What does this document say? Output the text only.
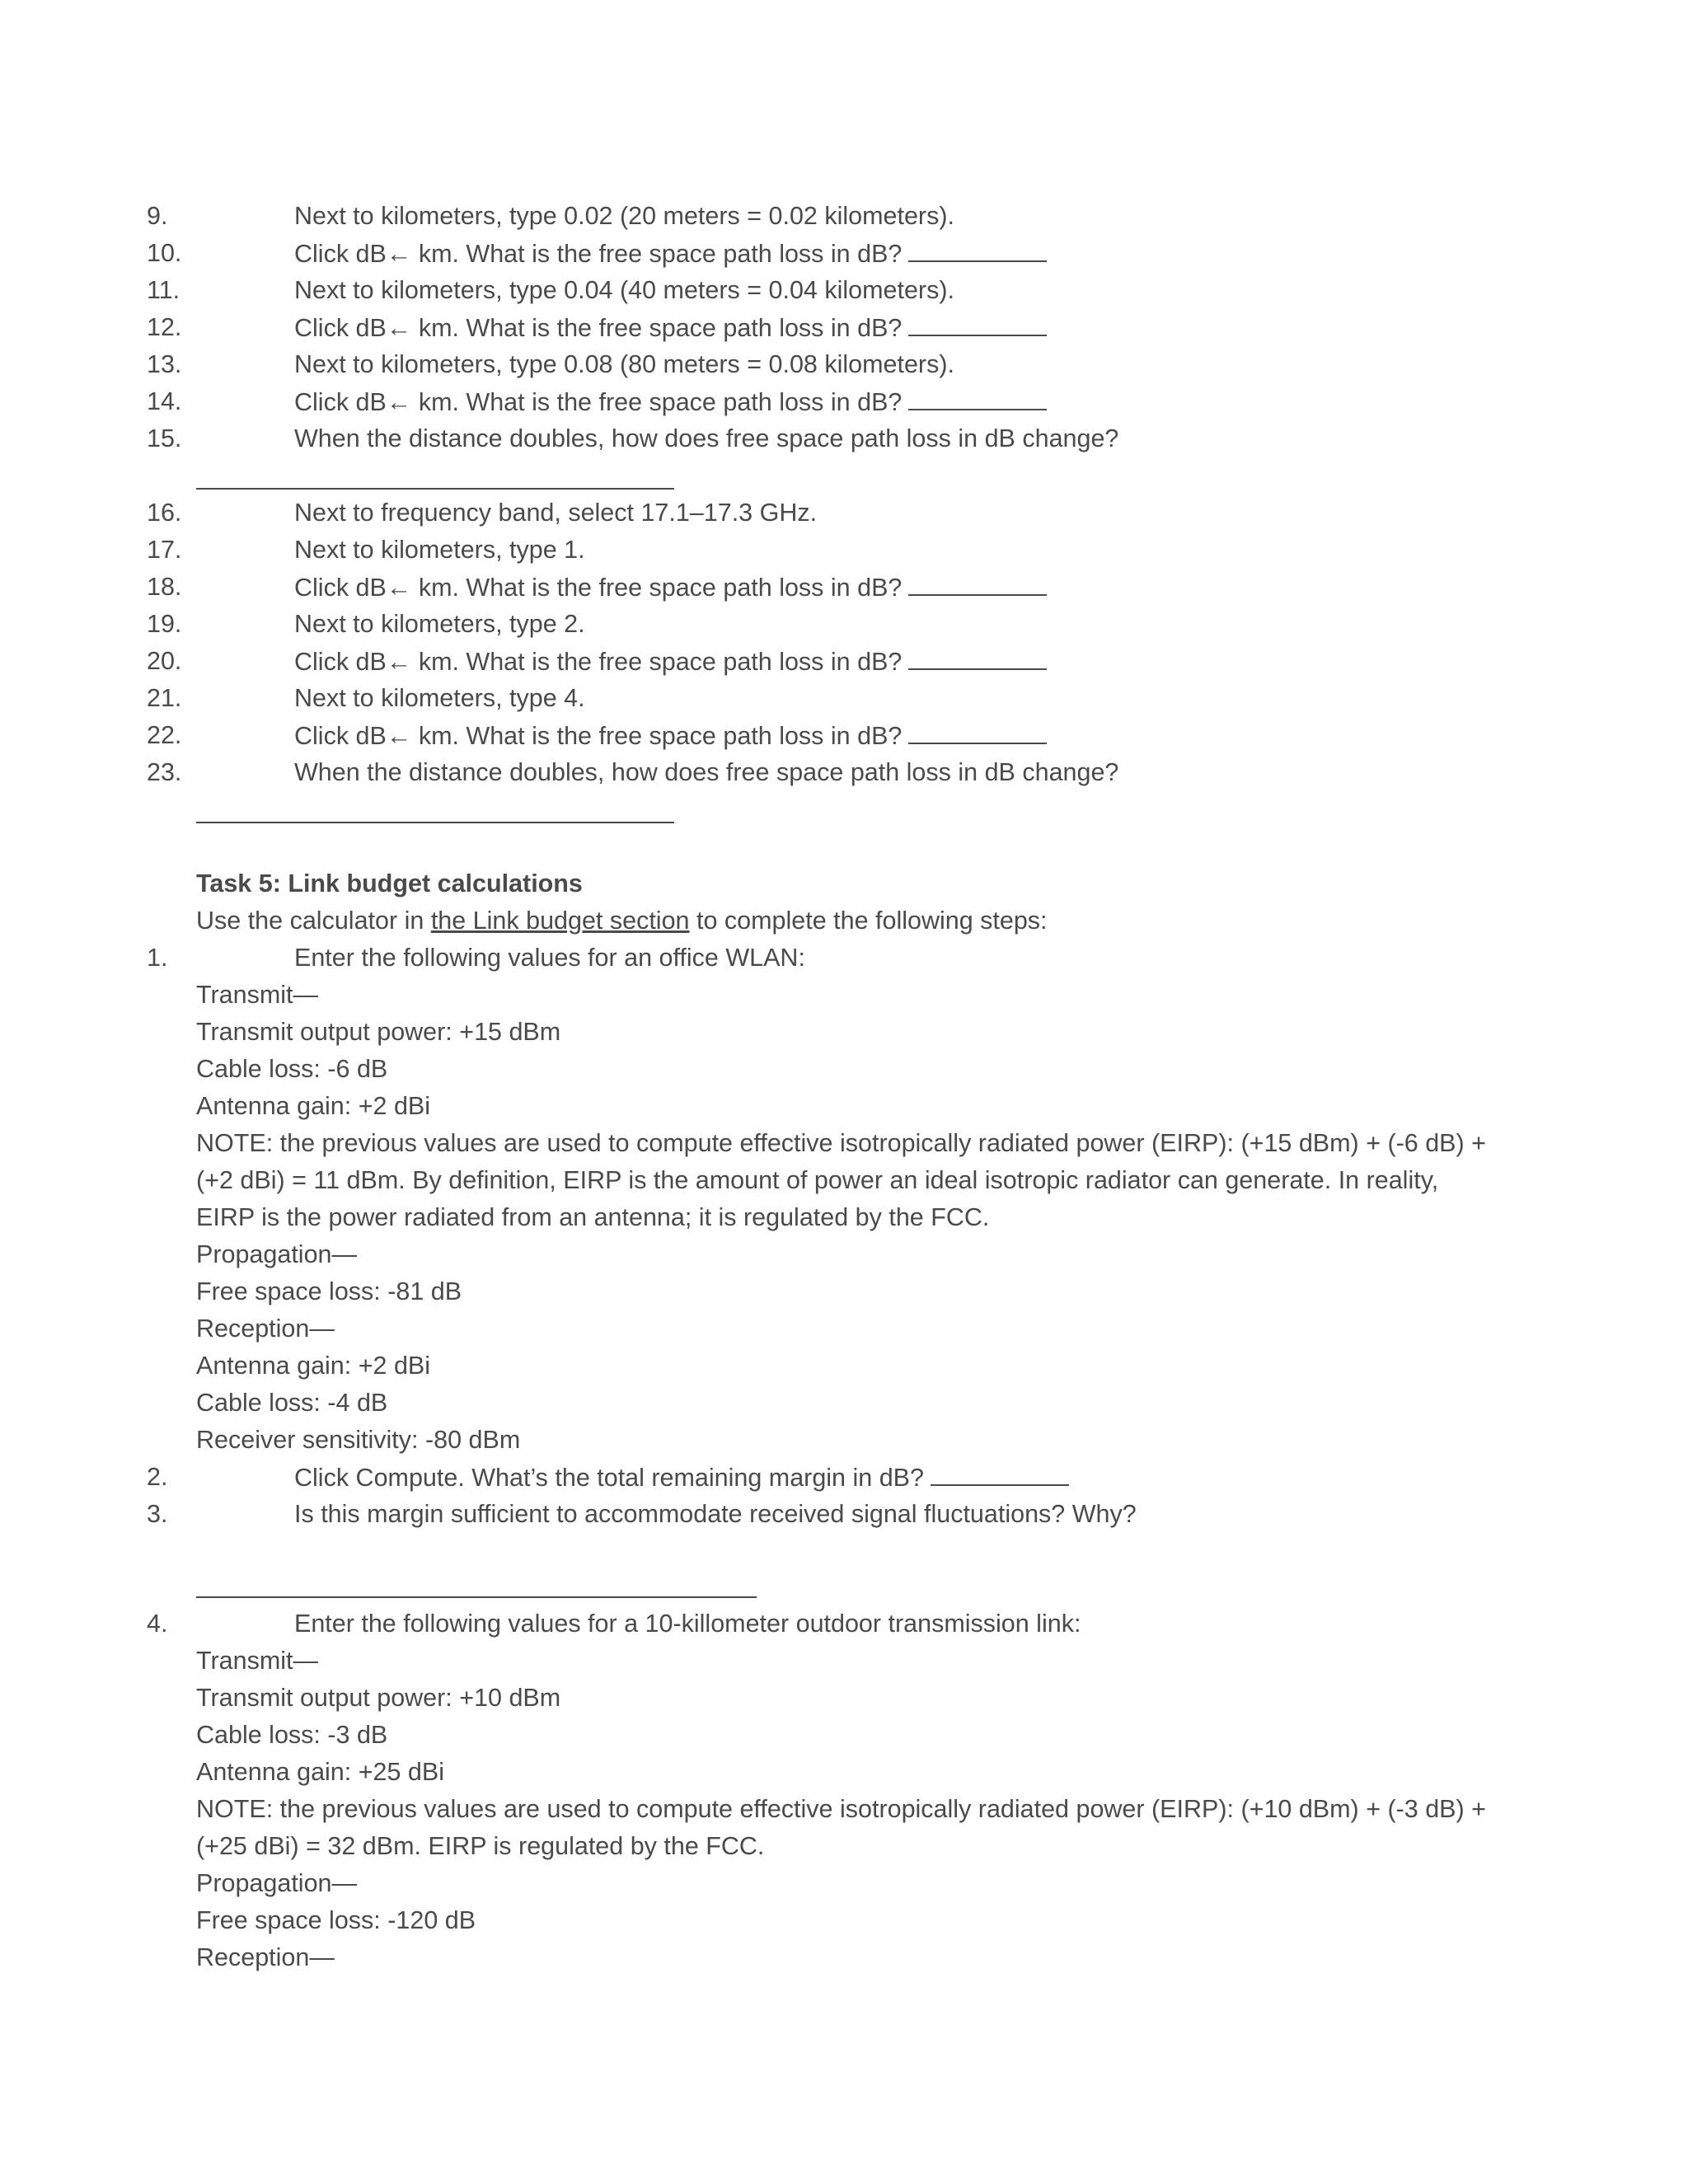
9.	Next to kilometers, type 0.02 (20 meters = 0.02 kilometers).
10.	Click dB← km. What is the free space path loss in dB?
11.	Next to kilometers, type 0.04 (40 meters = 0.04 kilometers).
12.	Click dB← km. What is the free space path loss in dB?
13.	Next to kilometers, type 0.08 (80 meters = 0.08 kilometers).
14.	Click dB← km. What is the free space path loss in dB?
15.	When the distance doubles, how does free space path loss in dB change?
16.	Next to frequency band, select 17.1–17.3 GHz.
17.	Next to kilometers, type 1.
18.	Click dB← km. What is the free space path loss in dB?
19.	Next to kilometers, type 2.
20.	Click dB← km. What is the free space path loss in dB?
21.	Next to kilometers, type 4.
22.	Click dB← km. What is the free space path loss in dB?
23.	When the distance doubles, how does free space path loss in dB change?
Task 5: Link budget calculations
Use the calculator in the Link budget section to complete the following steps:
1.	Enter the following values for an office WLAN:
Transmit—
Transmit output power: +15 dBm
Cable loss: -6 dB
Antenna gain: +2 dBi
NOTE: the previous values are used to compute effective isotropically radiated power (EIRP): (+15 dBm) + (-6 dB) +
(+2 dBi) = 11 dBm. By definition, EIRP is the amount of power an ideal isotropic radiator can generate. In reality,
EIRP is the power radiated from an antenna; it is regulated by the FCC.
Propagation—
Free space loss: -81 dB
Reception—
Antenna gain: +2 dBi
Cable loss: -4 dB
Receiver sensitivity: -80 dBm
2.	Click Compute. What’s the total remaining margin in dB?
3.	Is this margin sufficient to accommodate received signal fluctuations? Why?
4.	Enter the following values for a 10-killometer outdoor transmission link:
Transmit—
Transmit output power: +10 dBm
Cable loss: -3 dB
Antenna gain: +25 dBi
NOTE: the previous values are used to compute effective isotropically radiated power (EIRP): (+10 dBm) + (-3 dB) +
(+25 dBi) = 32 dBm. EIRP is regulated by the FCC.
Propagation—
Free space loss: -120 dB
Reception—
